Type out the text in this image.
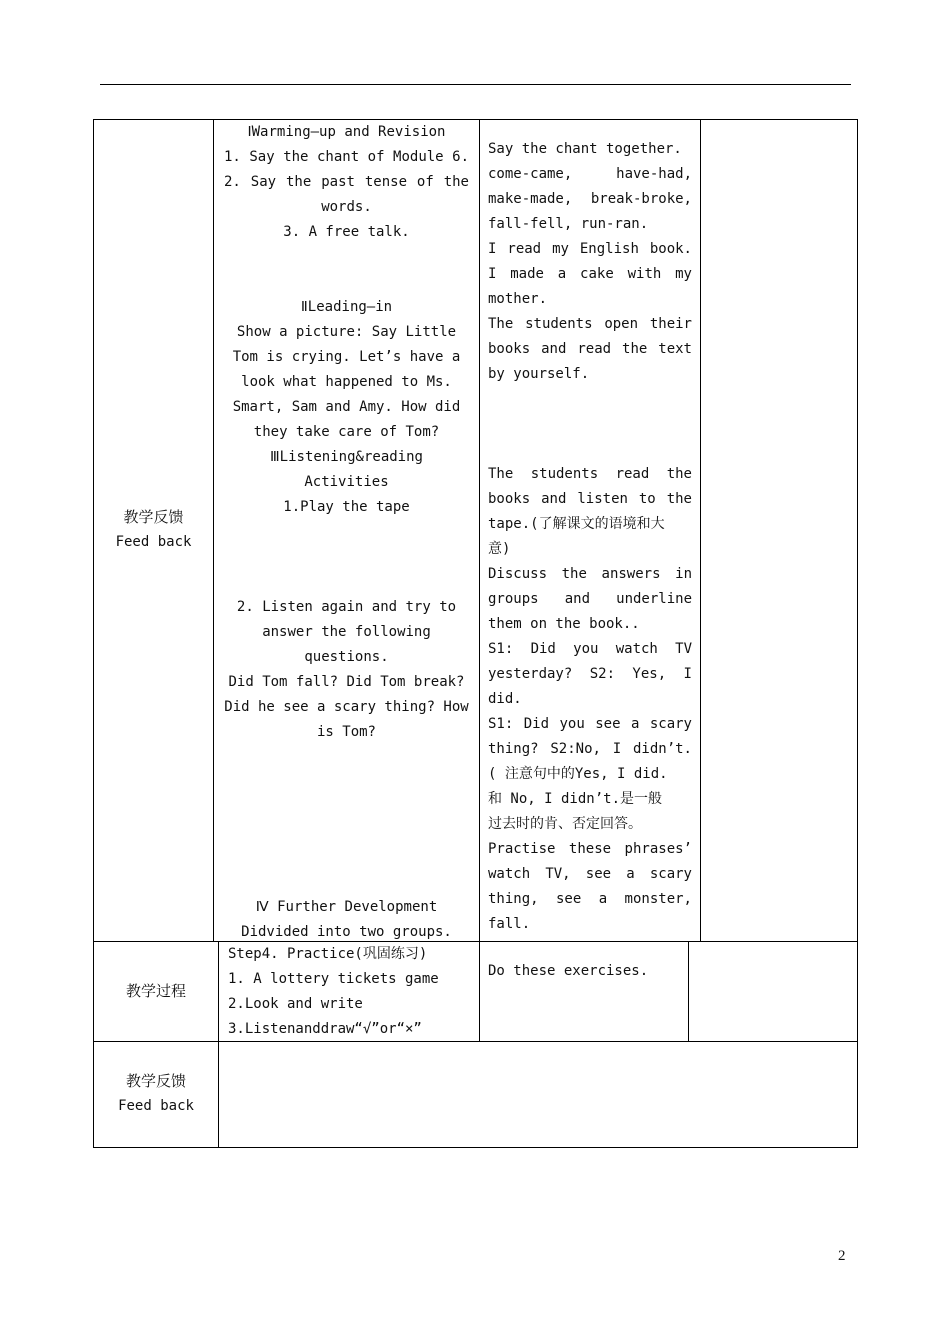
教学反馈
Feed back
ⅠWarming—up and Revision
1. Say the chant of Module 6.
2. Say the past tense of the
words.
3. A free talk.

ⅡLeading—in
Show a picture: Say Little
Tom is crying. Let’s have a
look what happened to Ms.
Smart, Sam and Amy. How did
they take care of Tom?
ⅢListening&reading
Activities
1.Play the tape

2. Listen again and try to
answer the following
questions.
Did Tom fall? Did Tom break?
Did he see a scary thing? How
is Tom?

Ⅳ Further Development
Didvided into two groups.
Say the chant together.
come-came, have-had,
make-made, break-broke,
fall-fell, run-ran.
I read my English book.
I made a cake with my
mother.
The students open their
books and read the text
by yourself.

The students read the
books and listen to the
tape.(了解课文的语境和大
意)
Discuss the answers in
groups and underline
them on the book..
S1: Did you watch TV
yesterday? S2: Yes, I
did.
S1: Did you see a scary
thing? S2:No, I didn’t.
( 注意句中的Yes, I did.
和 No, I didn’t.是一般
过去时的肯、否定回答。
Practise these phrases’
watch TV, see a scary
thing, see a monster,
fall.
教学过程
Step4. Practice(巩固练习)
1. A lottery tickets game
2.Look and write
3.Listenanddraw“√”or“×”
Do these exercises.
教学反馈
Feed back
2
